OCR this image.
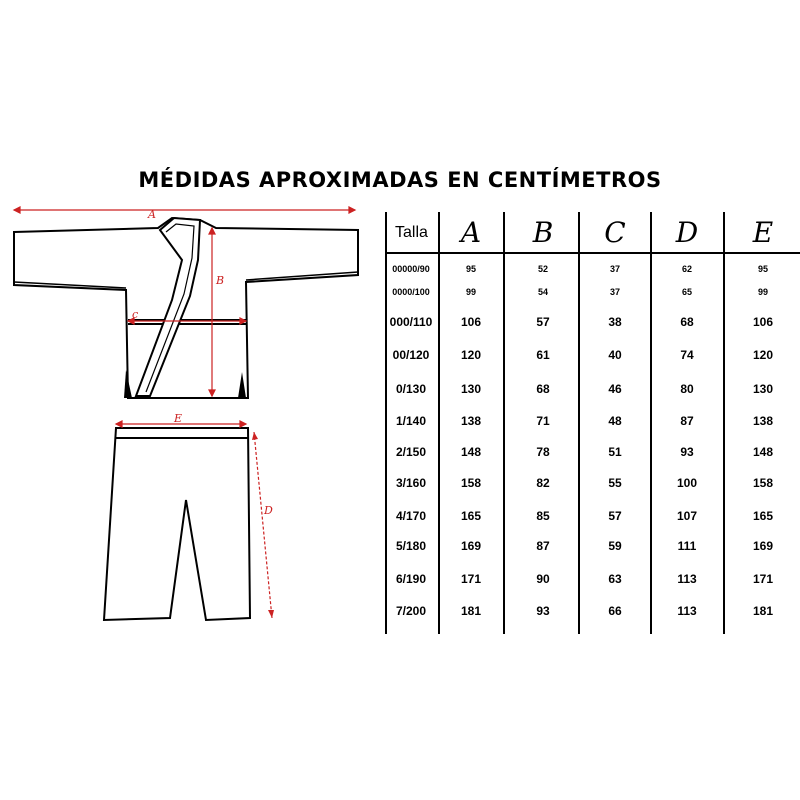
MÉDIDAS APROXIMADAS EN CENTÍMETROS
A
B
c
E
D
Talla A B C D E
00000/90	95	52	37	62	95
0000/100	99	54	37	65	99
000/110 106	57	38	68	106
00/120	120	61	40	74	120
0/130	130	68	46	80	130
1/140	138	71	48	87	138
2/150	148	78	51	93	148
3/160	158	82	55	100	158
4/170	165	85	57	107	165
5/180	169	87	59	111	169
6/190	171	90	63	113	171
7/200	181	93	66	113	181
